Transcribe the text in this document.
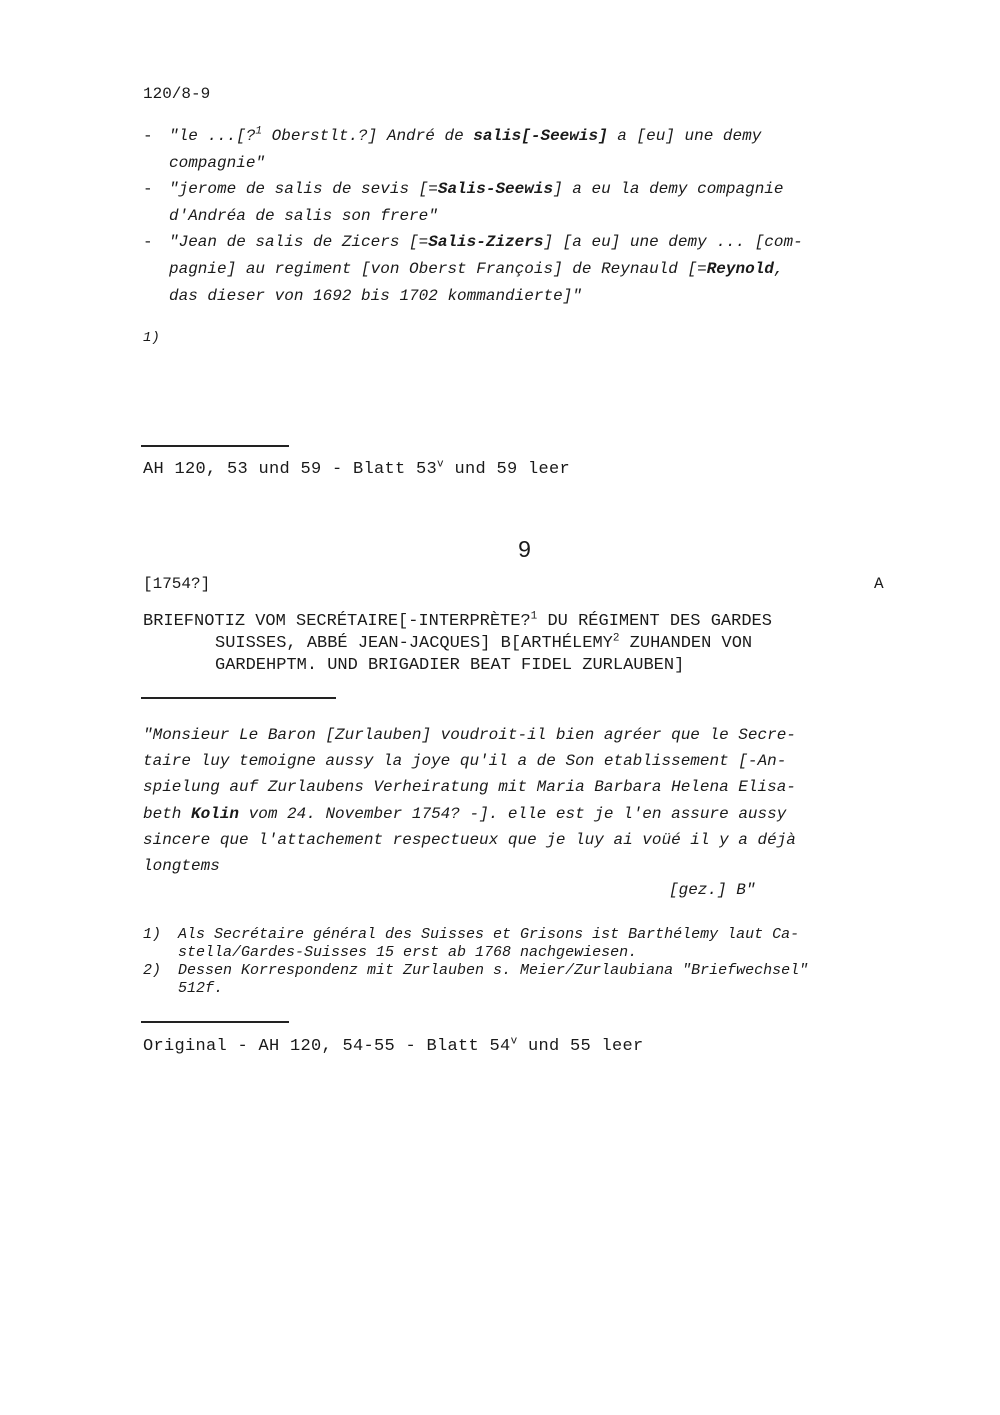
120/8-9
- "le ...[?$^1$ Oberstlt.?] André de salis[-Seewis] a [eu] une demy
compagnie"
- "jerome de salis de sevis [=Salis-Seewis] a eu la demy compagnie
d'Andréa de salis son frere"
- "Jean de salis de Zicers [=Salis-Zizers] [a eu] une demy ... [com-
pagnie] au regiment [von Oberst François] de Reynauld [=Reynold,
das dieser von 1692 bis 1702 kommandierte]"
1)
AH 120, 53 und 59 - Blatt 53$^v$ und 59 leer
9
[1754?]	A
BRIEFNOTIZ VOM SECRÉTAIRE[-INTERPRÈTE?$^1$ DU RÉGIMENT DES GARDES
SUISSES, ABBÉ JEAN-JACQUES] B[ARTHÉLEMY$^2$ ZUHANDEN VON
GARDEHPTM. UND BRIGADIER BEAT FIDEL ZURLAUBEN]
"Monsieur Le Baron [Zurlauben] voudroit-il bien agréer que le Secre-
taire luy temoigne aussy la joye qu'il a de Son etablissement [-An-
spielung auf Zurlaubens Verheiratung mit Maria Barbara Helena Elisa-
beth Kolin vom 24. November 1754? -]. elle est je l'en assure aussy
sincere que l'attachement respectueux que je luy ai voüé il y a déjà
longtems
[gez.] B"
1) Als Secrétaire général des Suisses et Grisons ist Barthélemy laut Ca-
stella/Gardes-Suisses 15 erst ab 1768 nachgewiesen.
2) Dessen Korrespondenz mit Zurlauben s. Meier/Zurlaubiana "Briefwechsel"
512f.
Original - AH 120, 54-55 - Blatt 54$^v$ und 55 leer
